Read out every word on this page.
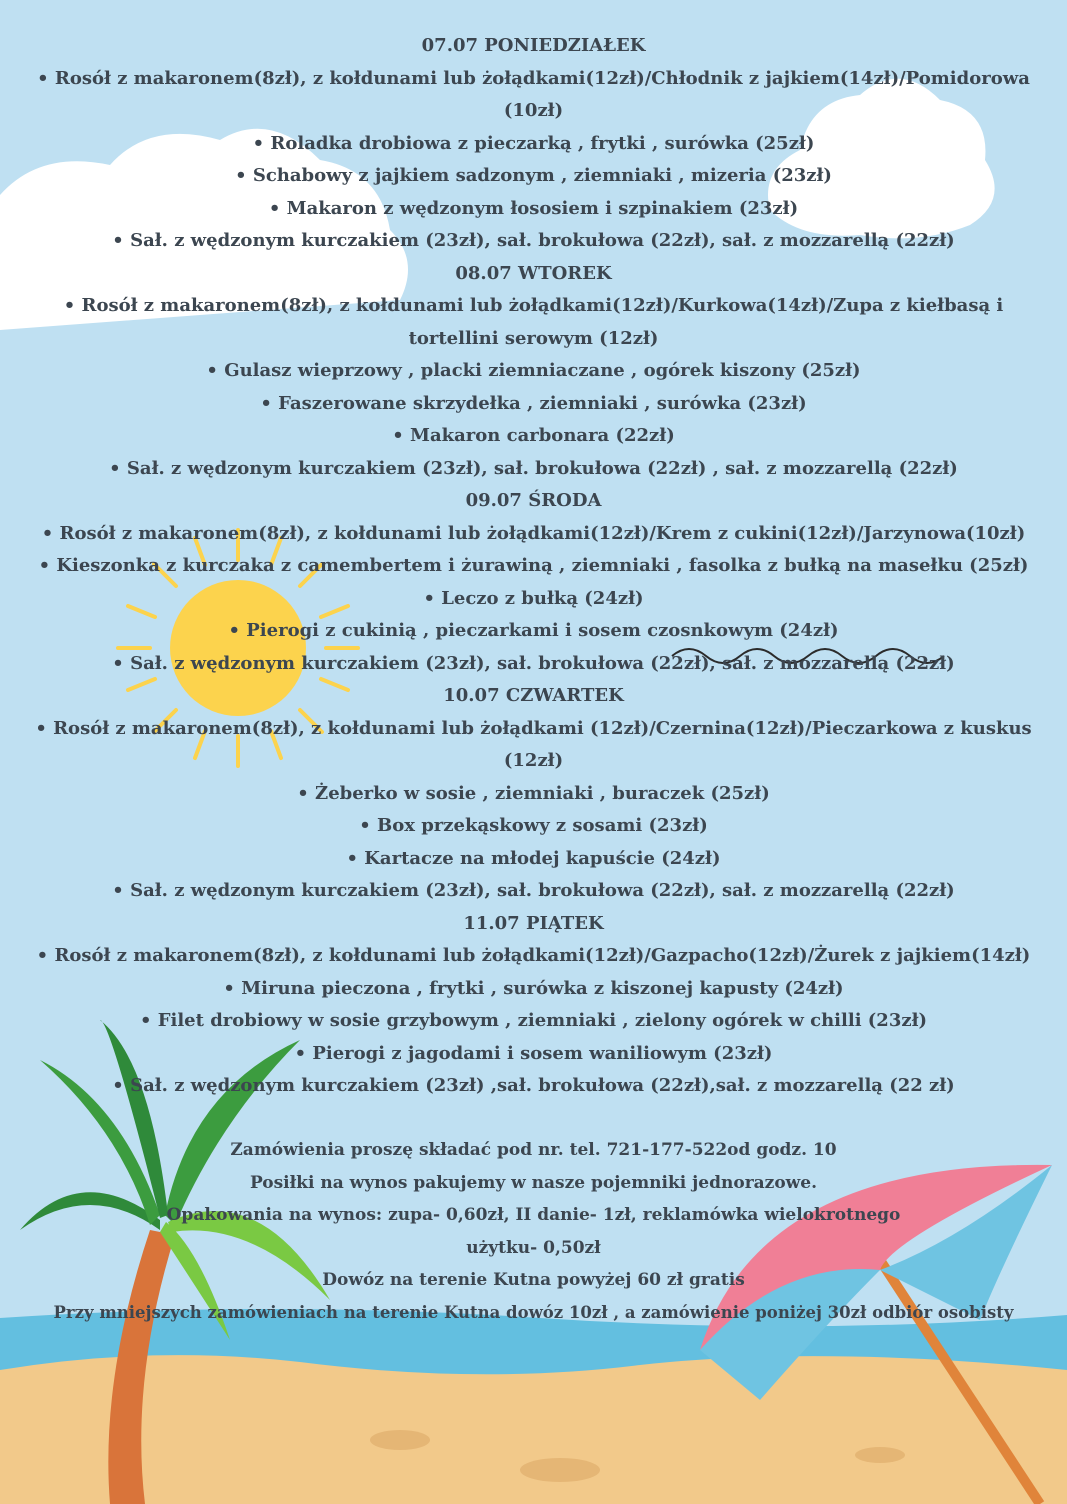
07.07 PONIEDZIAŁEK
• Rosół z makaronem(8zł), z kołdunami lub żołądkami(12zł)/Chłodnik z jajkiem(14zł)/Pomidorowa (10zł)
• Roladka drobiowa z pieczarką , frytki , surówka (25zł)
• Schabowy z jajkiem sadzonym , ziemniaki , mizeria (23zł)
• Makaron z wędzonym łososiem i szpinakiem (23zł)
• Sał. z wędzonym kurczakiem (23zł), sał. brokułowa (22zł), sał. z mozzarellą (22zł)
08.07 WTOREK
• Rosół z makaronem(8zł), z kołdunami lub żołądkami(12zł)/Kurkowa(14zł)/Zupa z kiełbasą i tortellini serowym (12zł)
• Gulasz wieprzowy , placki ziemniaczane , ogórek kiszony (25zł)
• Faszerowane skrzydełka , ziemniaki , surówka (23zł)
• Makaron carbonara (22zł)
• Sał. z wędzonym kurczakiem (23zł), sał. brokułowa (22zł) , sał. z mozzarellą (22zł)
09.07 ŚRODA
• Rosół z makaronem(8zł), z kołdunami lub żołądkami(12zł)/Krem z cukini(12zł)/Jarzynowa(10zł)
• Kieszonka z kurczaka z camembertem i żurawiną , ziemniaki , fasolka z bułką na masełku (25zł)
• Leczo z bułką (24zł)
• Pierogi z cukinią , pieczarkami i sosem czosnkowym (24zł)
• Sał. z wędzonym kurczakiem (23zł), sał. brokułowa (22zł), sał. z mozzarellą (22zł)
10.07 CZWARTEK
• Rosół z makaronem(8zł), z kołdunami lub żołądkami (12zł)/Czernina(12zł)/Pieczarkowa z kuskus (12zł)
• Żeberko w sosie , ziemniaki , buraczek (25zł)
• Box przekąskowy z sosami (23zł)
• Kartacze na młodej kapuście (24zł)
• Sał. z wędzonym kurczakiem (23zł), sał. brokułowa (22zł), sał. z mozzarellą (22zł)
11.07 PIĄTEK
• Rosół z makaronem(8zł), z kołdunami lub żołądkami(12zł)/Gazpacho(12zł)/Żurek z jajkiem(14zł)
• Miruna pieczona , frytki , surówka z kiszonej kapusty (24zł)
• Filet drobiowy w sosie grzybowym , ziemniaki , zielony ogórek w chilli (23zł)
• Pierogi z jagodami i sosem waniliowym (23zł)
• Sał. z wędzonym kurczakiem (23zł) ,sał. brokułowa (22zł),sał. z mozzarellą (22 zł)
Zamówienia proszę składać pod nr. tel. 721-177-522od godz. 10
Posiłki na wynos pakujemy w nasze pojemniki jednorazowe.
Opakowania na wynos: zupa- 0,60zł, II danie- 1zł, reklamówka wielokrotnego użytku- 0,50zł
Dowóz na terenie Kutna powyżej 60 zł gratis
Przy mniejszych zamówieniach na terenie Kutna dowóz 10zł , a zamówienie poniżej 30zł odbiór osobisty
